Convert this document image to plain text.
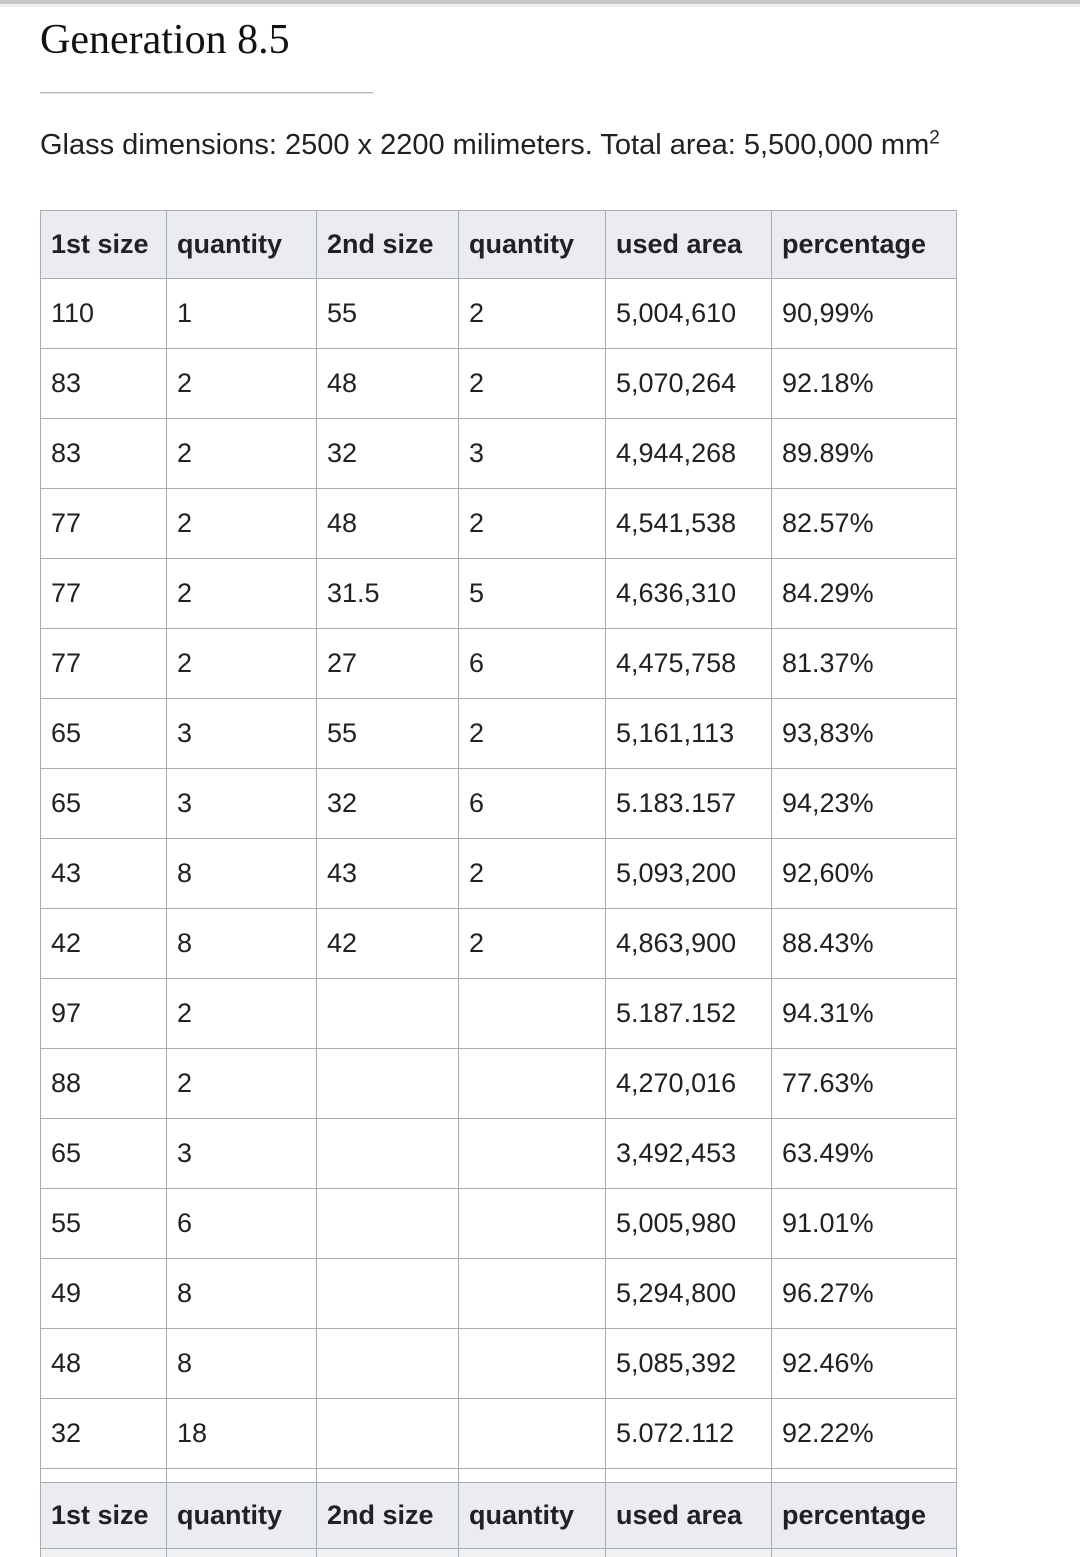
Generation 8.5

Glass dimensions: 2500 x 2200 milimeters. Total area: 5,500,000 $mm^2$

1st size	quantity	2nd size	quantity	used area	percentage
110	1	55	2	5,004,610	90,99%
83	2	48	2	5,070,264	92.18%
83	2	32	3	4,944,268	89.89%
77	2	48	2	4,541,538	82.57%
77	2	31.5	5	4,636,310	84.29%
77	2	27	6	4,475,758	81.37%
65	3	55	2	5,161,113	93,83%
65	3	32	6	5.183.157	94,23%
43	8	43	2	5,093,200	92,60%
42	8	42	2	4,863,900	88.43%
97	2			5.187.152	94.31%
88	2			4,270,016	77.63%
65	3			3,492,453	63.49%
55	6			5,005,980	91.01%
49	8			5,294,800	96.27%
48	8			5,085,392	92.46%
32	18			5.072.112	92.22%

1st size	quantity	2nd size	quantity	used area	percentage
